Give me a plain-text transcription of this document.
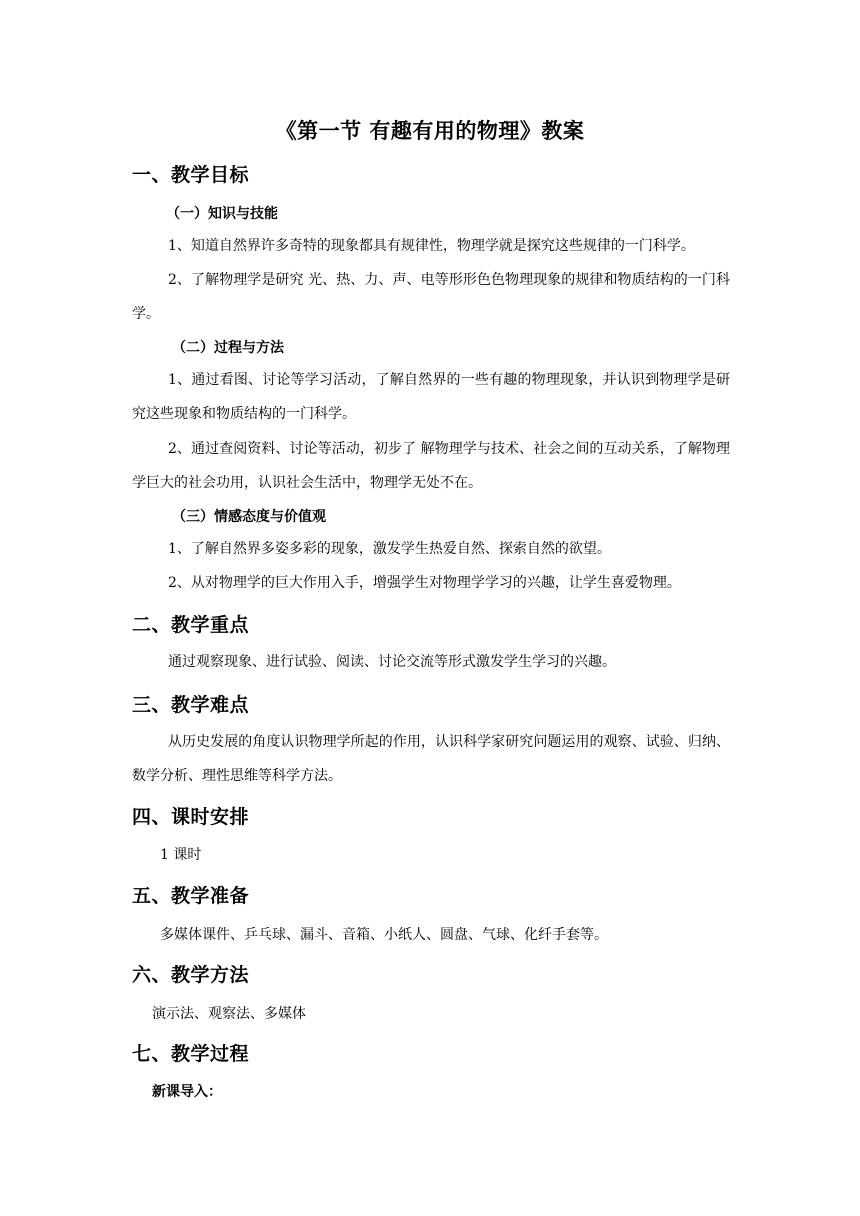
《第一节 有趣有用的物理》教案
一、教学目标
（一）知识与技能
1、知道自然界许多奇特的现象都具有规律性，物理学就是探究这些规律的一门科学。
2、了解物理学是研究 光、热、力、声、电等形形色色物理现象的规律和物质结构的一门科学。
（二）过程与方法
1、通过看图、讨论等学习活动，了解自然界的一些有趣的物理现象，并认识到物理学是研究这些现象和物质结构的一门科学。
2、通过查阅资料、讨论等活动，初步了 解物理学与技术、社会之间的互动关系，了解物理学巨大的社会功用，认识社会生活中，物理学无处不在。
（三）情感态度与价值观
1、了解自然界多姿多彩的现象，激发学生热爱自然、探索自然的欲望。
2、从对物理学的巨大作用入手，增强学生对物理学学习的兴趣，让学生喜爱物理。
二、教学重点
通过观察现象、进行试验、阅读、讨论交流等形式激发学生学习的兴趣。
三、教学难点
从历史发展的角度认识物理学所起的作用，认识科学家研究问题运用的观察、试验、归纳、数学分析、理性思维等科学方法。
四、课时安排
1 课时
五、教学准备
多媒体课件、乒乓球、漏斗、音箱、小纸人、圆盘、气球、化纤手套等。
六、教学方法
演示法、观察法、多媒体
七、教学过程
新课导入：
